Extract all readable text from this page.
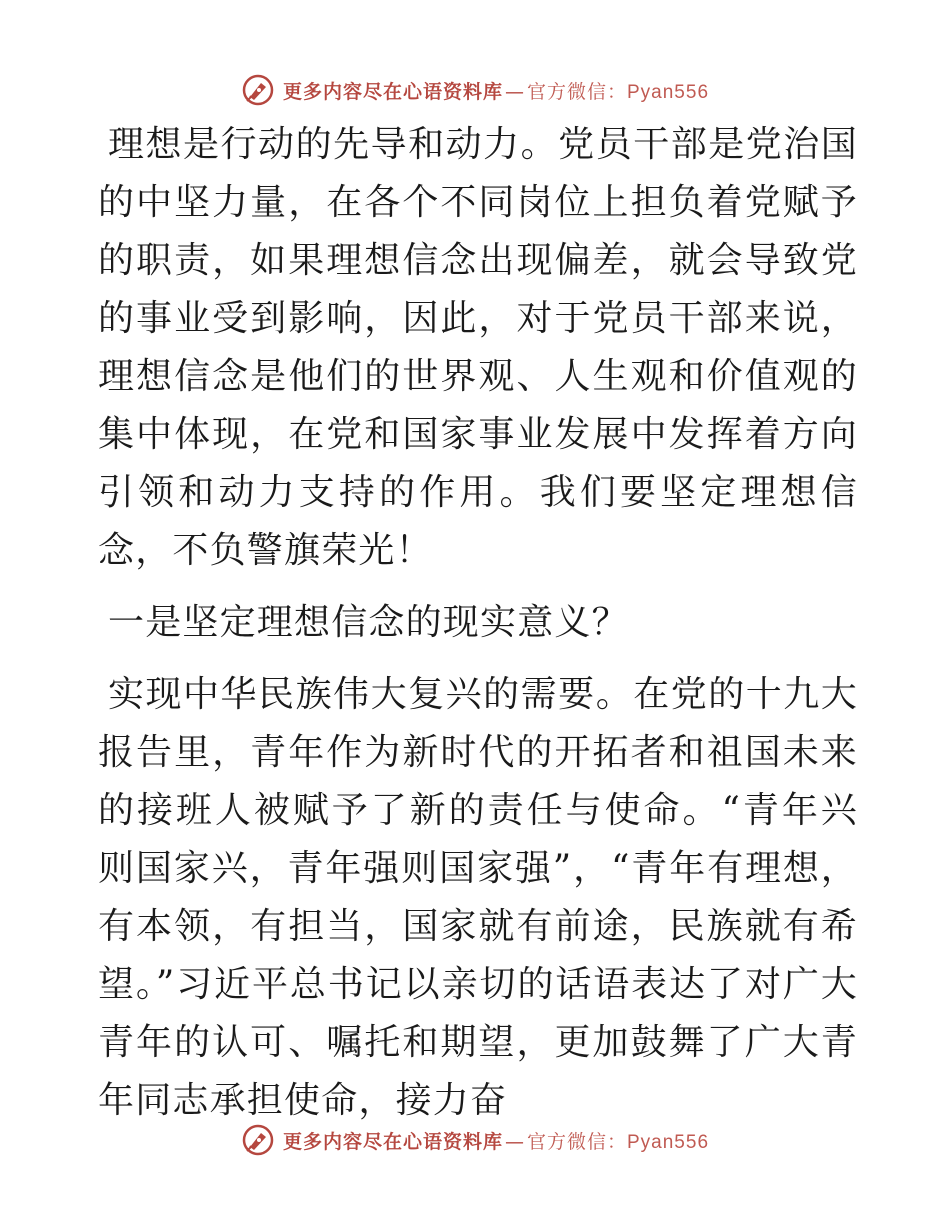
更多内容尽在心语资料库 — 官方微信：Pyan556

理想是行动的先导和动力。党员干部是党治国的中坚力量，在各个不同岗位上担负着党赋予的职责，如果理想信念出现偏差，就会导致党的事业受到影响，因此，对于党员干部来说，理想信念是他们的世界观、人生观和价值观的集中体现，在党和国家事业发展中发挥着方向引领和动力支持的作用。我们要坚定理想信念，不负警旗荣光！

一是坚定理想信念的现实意义？

实现中华民族伟大复兴的需要。在党的十九大报告里，青年作为新时代的开拓者和祖国未来的接班人被赋予了新的责任与使命。“青年兴则国家兴，青年强则国家强”，“青年有理想，有本领，有担当，国家就有前途，民族就有希望。”习近平总书记以亲切的话语表达了对广大青年的认可、嘱托和期望，更加鼓舞了广大青年同志承担使命，接力奋

更多内容尽在心语资料库 — 官方微信：Pyan556
